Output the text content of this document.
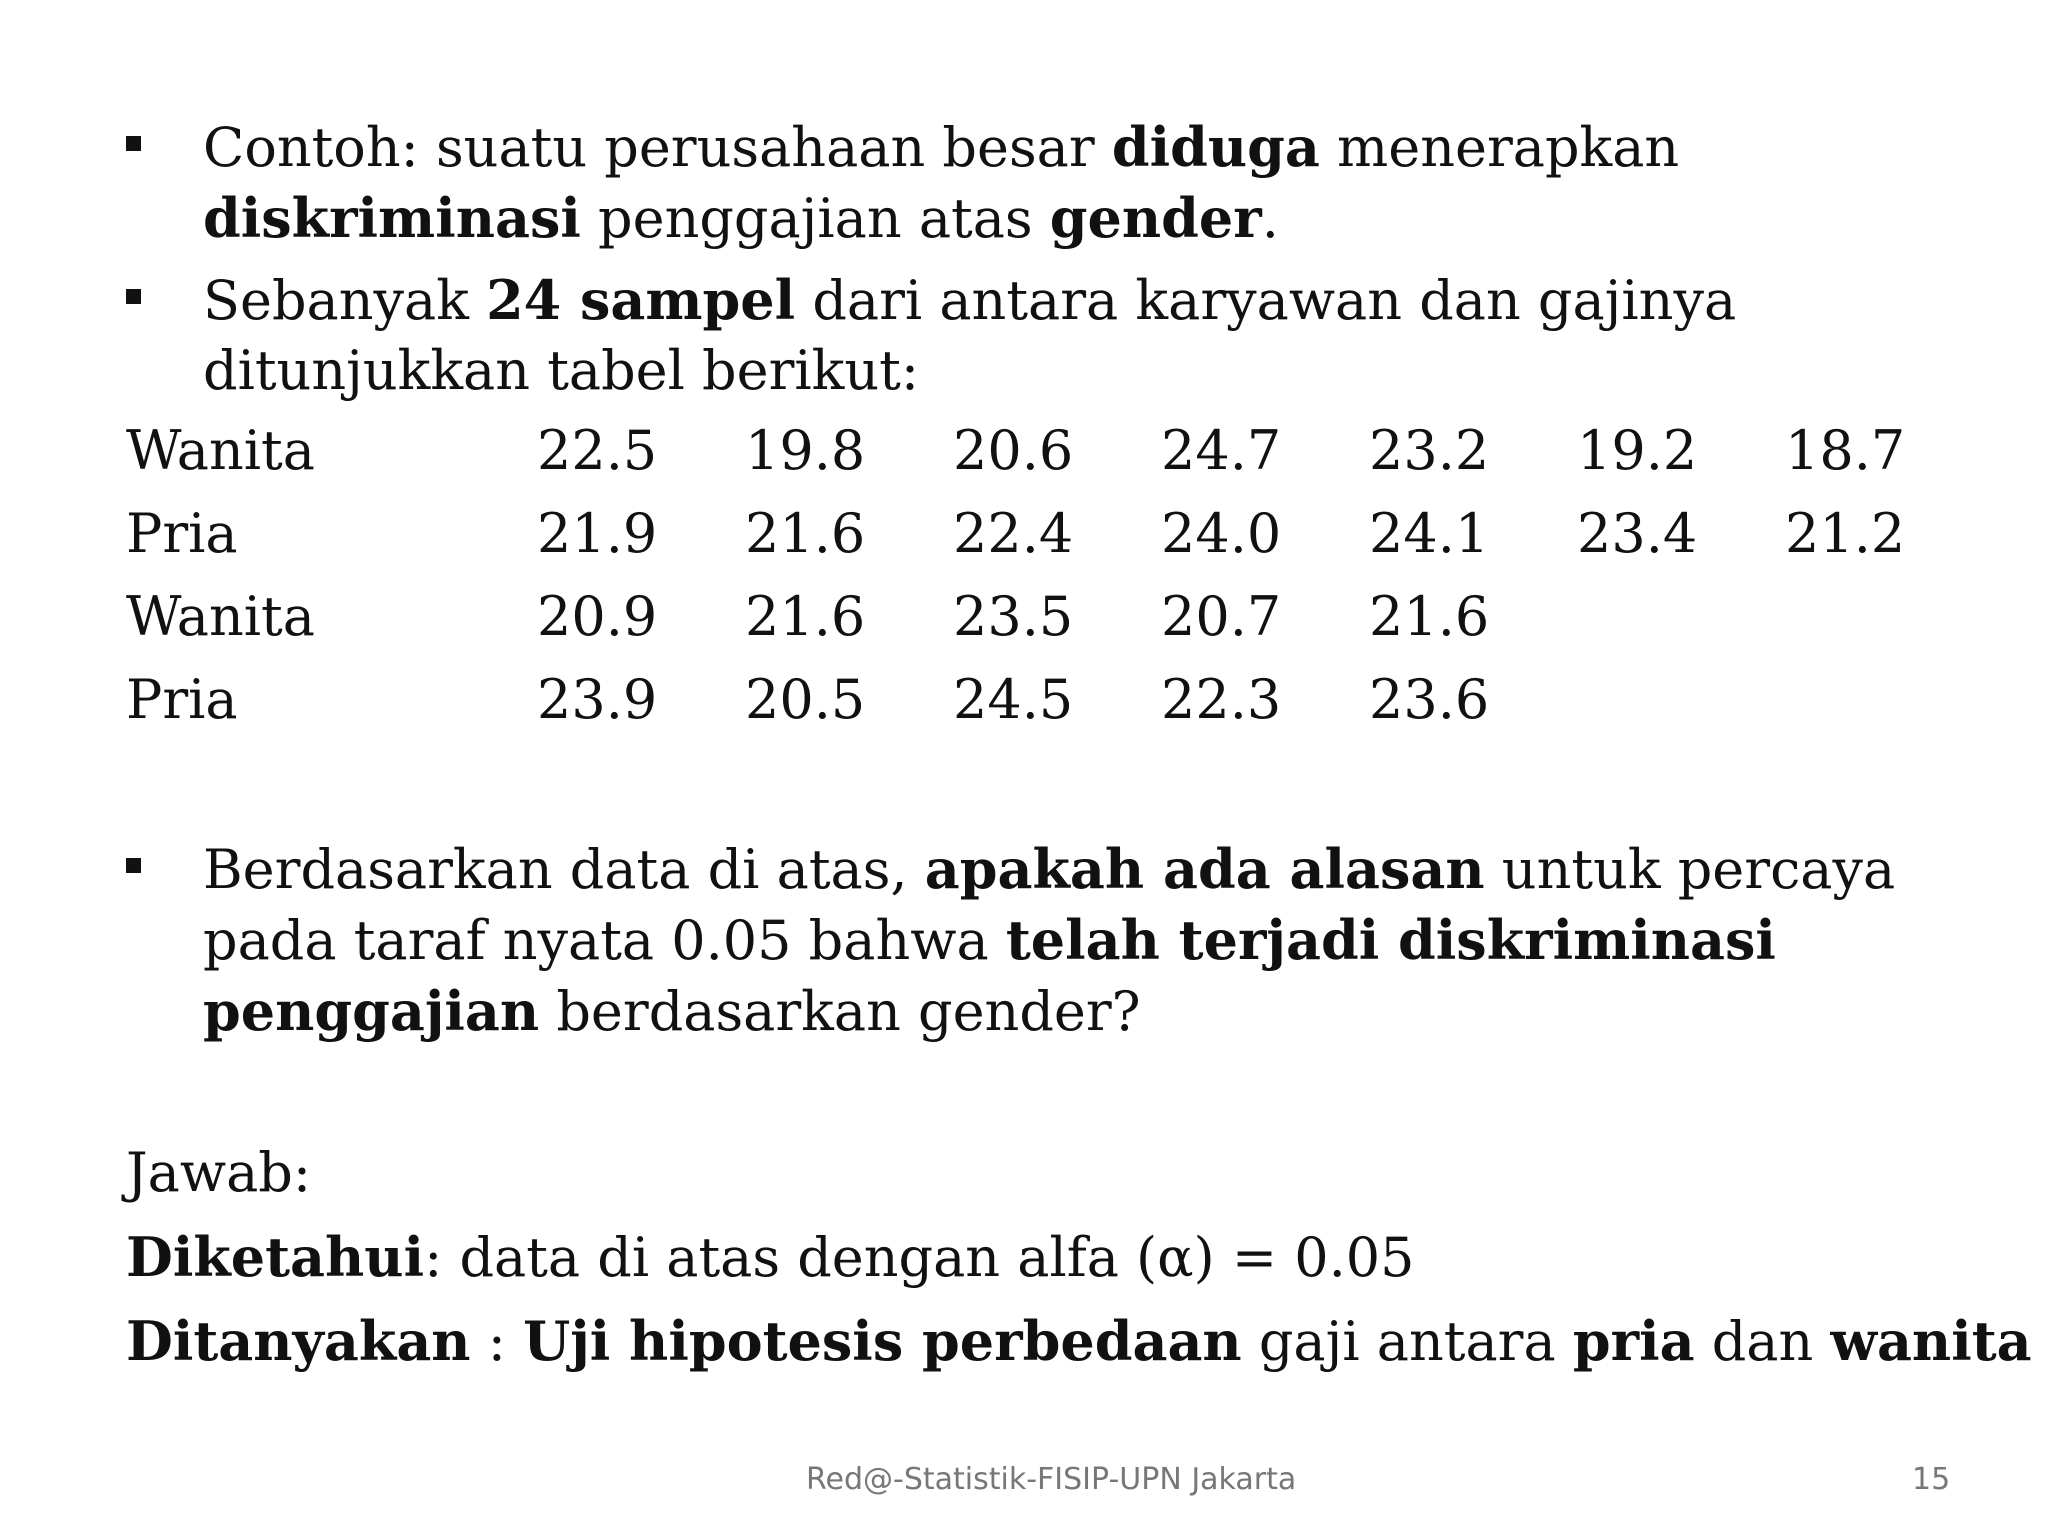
Contoh: suatu perusahaan besar diduga menerapkan diskriminasi penggajian atas gender.
Sebanyak 24 sampel dari antara karyawan dan gajinya ditunjukkan tabel berikut:
Wanita	22.5 19.8 20.6 24.7 23.2 19.2 18.7
Pria	21.9 21.6 22.4 24.0 24.1 23.4 21.2
Wanita	20.9 21.6 23.5 20.7 21.6
Pria	23.9 20.5 24.5 22.3 23.6
Berdasarkan data di atas, apakah ada alasan untuk percaya pada taraf nyata 0.05 bahwa telah terjadi diskriminasi penggajian berdasarkan gender?
Jawab:
Diketahui: data di atas dengan alfa (α) = 0.05
Ditanyakan : Uji hipotesis perbedaan gaji antara pria dan wanita
Red@-Statistik-FISIP-UPN Jakarta	15
